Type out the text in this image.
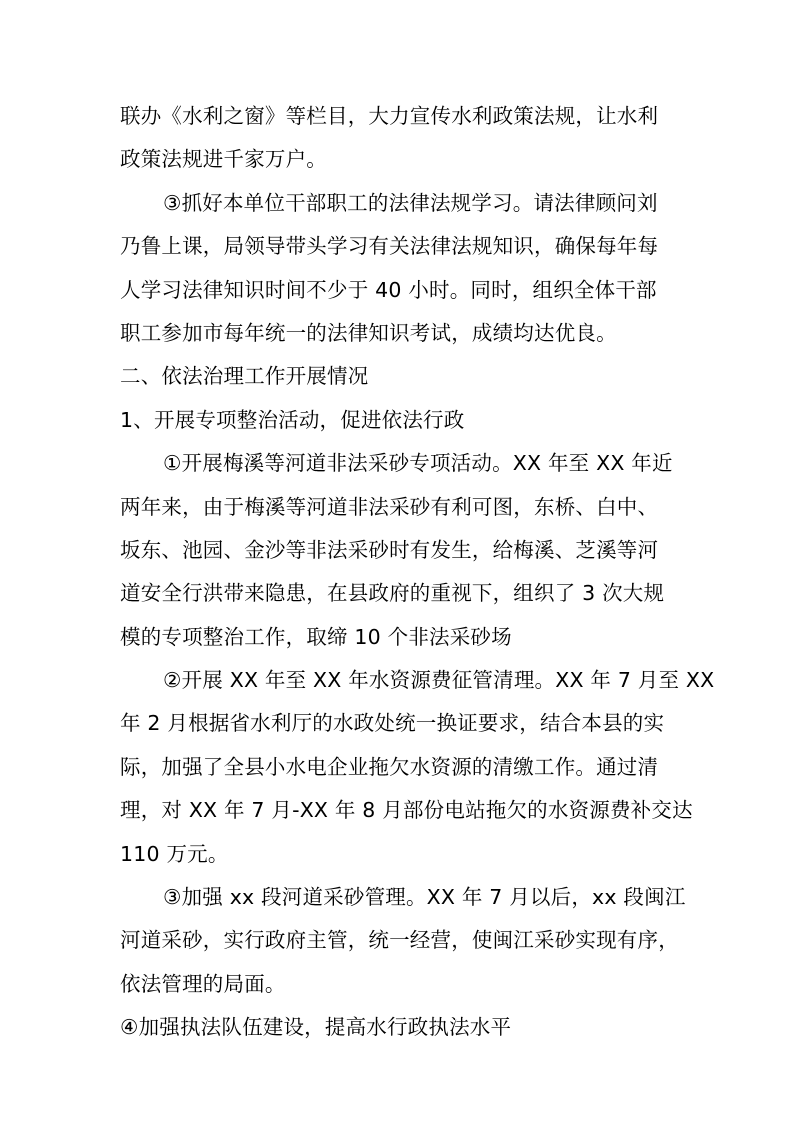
联办《水利之窗》等栏目，大力宣传水利政策法规，让水利
政策法规进千家万户。
③抓好本单位干部职工的法律法规学习。请法律顾问刘
乃鲁上课，局领导带头学习有关法律法规知识，确保每年每
人学习法律知识时间不少于 40 小时。同时，组织全体干部
职工参加市每年统一的法律知识考试，成绩均达优良。
二、依法治理工作开展情况
1、开展专项整治活动，促进依法行政
①开展梅溪等河道非法采砂专项活动。XX 年至 XX 年近
两年来，由于梅溪等河道非法采砂有利可图，东桥、白中、
坂东、池园、金沙等非法采砂时有发生，给梅溪、芝溪等河
道安全行洪带来隐患，在县政府的重视下，组织了 3 次大规
模的专项整治工作，取缔 10 个非法采砂场
②开展 XX 年至 XX 年水资源费征管清理。XX 年 7 月至 XX
年 2 月根据省水利厅的水政处统一换证要求，结合本县的实
际，加强了全县小水电企业拖欠水资源的清缴工作。通过清
理，对 XX 年 7 月-XX 年 8 月部份电站拖欠的水资源费补交达
110 万元。
③加强 xx 段河道采砂管理。XX 年 7 月以后，xx 段闽江
河道采砂，实行政府主管，统一经营，使闽江采砂实现有序，
依法管理的局面。
④加强执法队伍建设，提高水行政执法水平
